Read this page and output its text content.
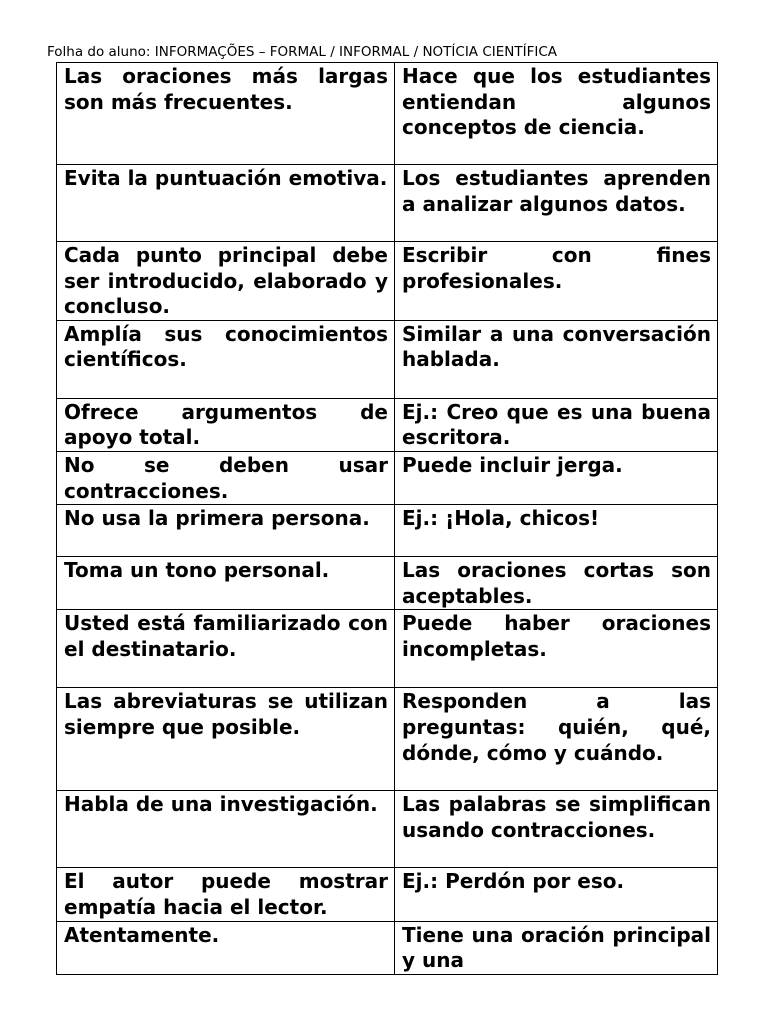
Folha do aluno: INFORMAÇÕES – FORMAL / INFORMAL / NOTÍCIA CIENTÍFICA
Las oraciones más largas son más frecuentes.	Hace que los estudiantes entiendan algunos conceptos de ciencia.
Evita la puntuación emotiva.	Los estudiantes aprenden a analizar algunos datos.
Cada punto principal debe ser introducido, elaborado y concluso.	Escribir con fines profesionales.
Amplía sus conocimientos científicos.	Similar a una conversación hablada.
Ofrece argumentos de apoyo total.	Ej.: Creo que es una buena escritora.
No se deben usar contracciones.	Puede incluir jerga.
No usa la primera persona.	Ej.: ¡Hola, chicos!
Toma un tono personal.	Las oraciones cortas son aceptables.
Usted está familiarizado con el destinatario.	Puede haber oraciones incompletas.
Las abreviaturas se utilizan siempre que posible.	Responden a las preguntas: quién, qué, dónde, cómo y cuándo.
Habla de una investigación.	Las palabras se simplifican usando contracciones.
El autor puede mostrar empatía hacia el lector.	Ej.: Perdón por eso.
Atentamente.	Tiene una oración principal y una
